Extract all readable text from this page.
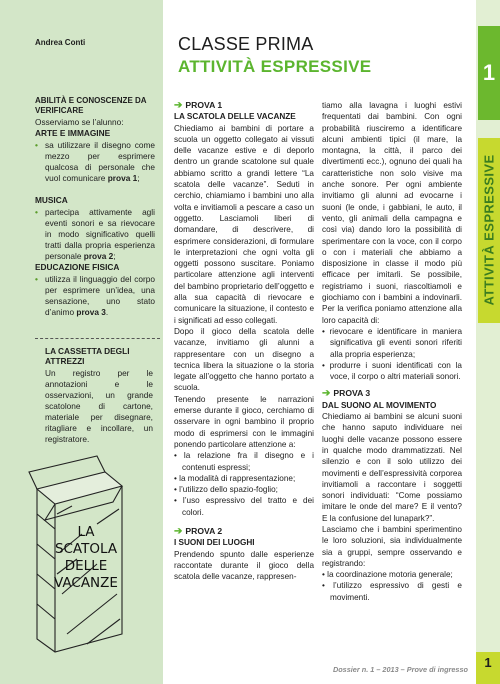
Andrea Conti
ABILITÀ E CONOSCENZE DA VERIFICARE
Osserviamo se l’alunno:
ARTE E IMMAGINE
• sa utilizzare il disegno come mezzo per esprimere qualcosa di personale che vuol comunicare prova 1;
MUSICA
• partecipa attivamente agli eventi sonori e sa rievocare in modo significativo quelli tratti dalla propria esperienza personale prova 2;
EDUCAZIONE FISICA
• utilizza il linguaggio del corpo per esprimere un’idea, una sensazione, uno stato d’animo prova 3.
LA CASSETTA DEGLI ATTREZZI
Un registro per le annotazioni e le osservazioni, un grande scatolone di cartone, materiale per disegnare, ritagliare e incollare, un registratore.
LA
SCATOLA
DELLE
VACANZE
CLASSE PRIMA
ATTIVITÀ ESPRESSIVE	1
ATTIVITÀ ESPRESSIVE
➔ PROVA 1

LA SCATOLA DELLE VACANZE

Chiediamo ai bambini di portare a scuola un oggetto collegato ai vissuti delle vacanze estive e di deporlo dentro un grande scatolone sul quale abbiamo scritto a grandi lettere “La scatola delle vacanze”. Seduti in cerchio, chiamiamo i bambini uno alla volta e invitiamoli a pescare a caso un oggetto. Lasciamoli liberi di domandare, di descrivere, di esprimere considerazioni, di formulare le interpretazioni che ogni volta gli oggetti possono suscitare. Poniamo particolare attenzione agli interventi del bambino proprietario dell’oggetto e alla sua capacità di rievocare e comunicare la situazione, il contesto e i significati ad esso collegati.

Dopo il gioco della scatola delle vacanze, invitiamo gli alunni a rappresentare con un disegno a tecnica libera la situazione o la storia legate all’oggetto che hanno portato a scuola.

Tenendo presente le narrazioni emerse durante il gioco, cerchiamo di osservare in ogni bambino il proprio modo di esprimersi con le immagini ponendo particolare attenzione a:

• la relazione fra il disegno e i contenuti espressi;

• la modalità di rappresentazione;

• l’utilizzo dello spazio-foglio;

• l’uso espressivo del tratto e dei colori.

➔ PROVA 2

I SUONI DEI LUOGHI

Prendendo spunto dalle esperienze raccontate durante il gioco della scatola delle vacanze, rappresen-

tiamo alla lavagna i luoghi estivi frequentati dai bambini. Con ogni probabilità riusciremo a identificare alcuni ambienti tipici (il mare, la montagna, la città, il parco dei divertimenti ecc.), ognuno dei quali ha caratteristiche non solo visive ma anche sonore. Per ogni ambiente invitiamo gli alunni ad evocarne i suoni (le onde, i gabbiani, le auto, il vento, gli animali della campagna e così via) dando loro la possibilità di sperimentare con la voce, con il corpo o con i materiali che abbiamo a disposizione in classe il modo più efficace per imitarli. Se possibile, registriamo i suoni, riascoltiamoli e giochiamo con i bambini a indovinarli. Per la verifica poniamo attenzione alla loro capacità di:

• rievocare e identificare in maniera significativa gli eventi sonori riferiti alla propria esperienza;

• produrre i suoni identificati con la voce, il corpo o altri materiali sonori.

➔ PROVA 3

DAL SUONO AL MOVIMENTO

Chiediamo ai bambini se alcuni suoni che hanno saputo individuare nei luoghi delle vacanze possono essere in qualche modo drammatizzati. Nel silenzio e con il solo utilizzo dei movimenti e dell’espressività corporea invitiamoli a raccontare i soggetti sonori individuati: “Come possiamo imitare le onde del mare? E il vento? E la confusione del lunapark?”.

Lasciamo che i bambini sperimentino le loro soluzioni, sia individualmente sia a gruppi, sempre osservando e registrando:

• la coordinazione motoria generale;

• l’utilizzo espressivo di gesti e movimenti.

Dossier n. 1 – 2013 – Prove di ingresso	1
